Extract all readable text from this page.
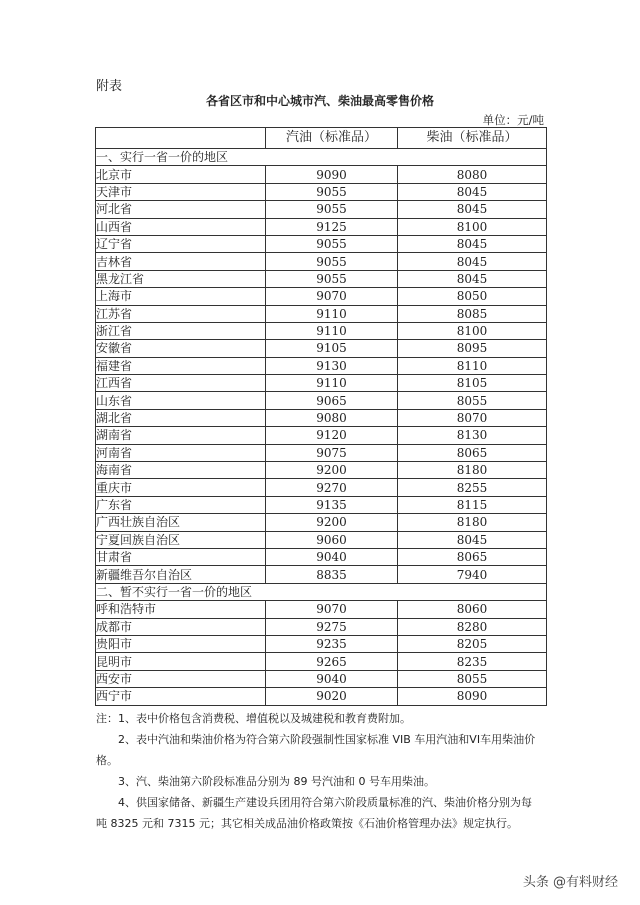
附表
各省区市和中心城市汽、柴油最高零售价格
单位：元/吨
	汽油（标准品）	柴油（标准品）
一、实行一省一价的地区		
北京市	9090	8080
天津市	9055	8045
河北省	9055	8045
山西省	9125	8100
辽宁省	9055	8045
吉林省	9055	8045
黑龙江省	9055	8045
上海市	9070	8050
江苏省	9110	8085
浙江省	9110	8100
安徽省	9105	8095
福建省	9130	8110
江西省	9110	8105
山东省	9065	8055
湖北省	9080	8070
湖南省	9120	8130
河南省	9075	8065
海南省	9200	8180
重庆市	9270	8255
广东省	9135	8115
广西壮族自治区	9200	8180
宁夏回族自治区	9060	8045
甘肃省	9040	8065
新疆维吾尔自治区	8835	7940
二、暂不实行一省一价的地区		
呼和浩特市	9070	8060
成都市	9275	8280
贵阳市	9235	8205
昆明市	9265	8235
西安市	9040	8055
西宁市	9020	8090

注：1、表中价格包含消费税、增值税以及城建税和教育费附加。

2、表中汽油和柴油价格为符合第六阶段强制性国家标准 VIB 车用汽油和VI车用柴油价

格。

3、汽、柴油第六阶段标准品分别为 89 号汽油和 0 号车用柴油。

4、供国家储备、新疆生产建设兵团用符合第六阶段质量标准的汽、柴油价格分别为每

吨 8325 元和 7315 元；其它相关成品油价格政策按《石油价格管理办法》规定执行。

头条 @有料财经
